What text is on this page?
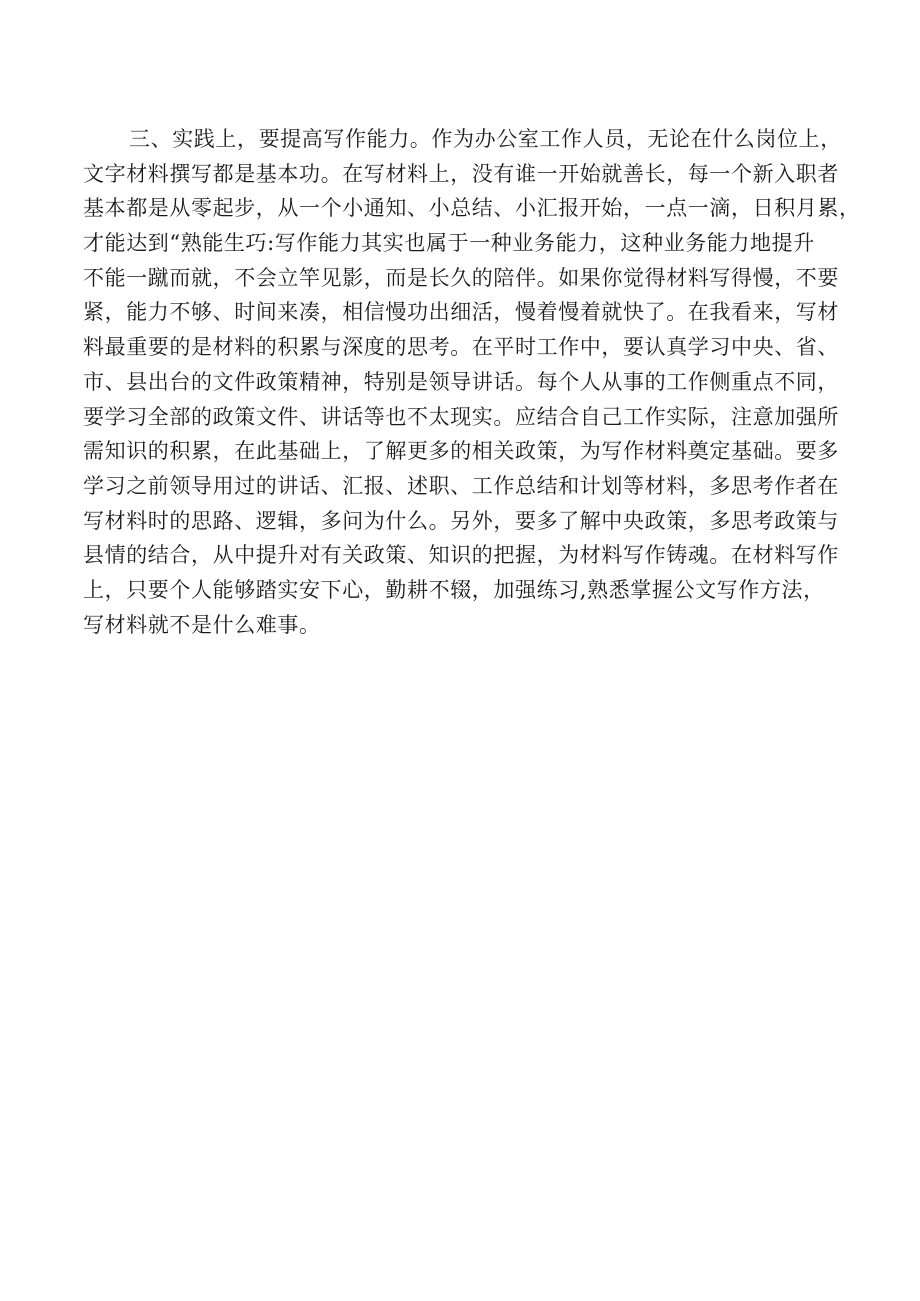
三、实践上，要提高写作能力。作为办公室工作人员，无论在什么岗位上，
文字材料撰写都是基本功。在写材料上，没有谁一开始就善长，每一个新入职者
基本都是从零起步，从一个小通知、小总结、小汇报开始，一点一滴，日积月累，
才能达到“熟能生巧:写作能力其实也属于一种业务能力，这种业务能力地提升
不能一蹴而就，不会立竿见影，而是长久的陪伴。如果你觉得材料写得慢，不要
紧，能力不够、时间来凑，相信慢功出细活，慢着慢着就快了。在我看来，写材
料最重要的是材料的积累与深度的思考。在平时工作中，要认真学习中央、省、
市、县出台的文件政策精神，特别是领导讲话。每个人从事的工作侧重点不同，
要学习全部的政策文件、讲话等也不太现实。应结合自己工作实际，注意加强所
需知识的积累，在此基础上，了解更多的相关政策，为写作材料奠定基础。要多
学习之前领导用过的讲话、汇报、述职、工作总结和计划等材料，多思考作者在
写材料时的思路、逻辑，多问为什么。另外，要多了解中央政策，多思考政策与
县情的结合，从中提升对有关政策、知识的把握，为材料写作铸魂。在材料写作
上，只要个人能够踏实安下心，勤耕不辍，加强练习,熟悉掌握公文写作方法，
写材料就不是什么难事。
